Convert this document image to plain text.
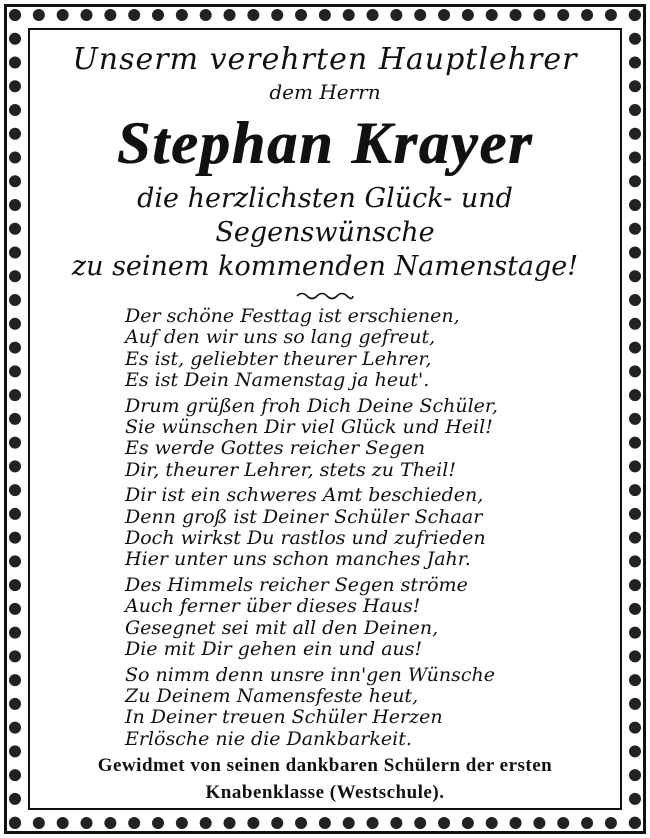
Unserm verehrten Hauptlehrer
dem Herrn
Stephan Krayer
die herzlichsten Glück- und Segenswünsche
zu seinem kommenden Namenstage!
Der schöne Festtag ist erschienen,
Auf den wir uns so lang gefreut,
Es ist, geliebter theurer Lehrer,
Es ist Dein Namenstag ja heut'.
Drum grüßen froh Dich Deine Schüler,
Sie wünschen Dir viel Glück und Heil!
Es werde Gottes reicher Segen
Dir, theurer Lehrer, stets zu Theil!
Dir ist ein schweres Amt beschieden,
Denn groß ist Deiner Schüler Schaar
Doch wirkst Du rastlos und zufrieden
Hier unter uns schon manches Jahr.
Des Himmels reicher Segen ströme
Auch ferner über dieses Haus!
Gesegnet sei mit all den Deinen,
Die mit Dir gehen ein und aus!
So nimm denn unsre inn'gen Wünsche
Zu Deinem Namensfeste heut,
In Deiner treuen Schüler Herzen
Erlösche nie die Dankbarkeit.
Gewidmet von seinen dankbaren Schülern der ersten
Knabenklasse (Westschule).
